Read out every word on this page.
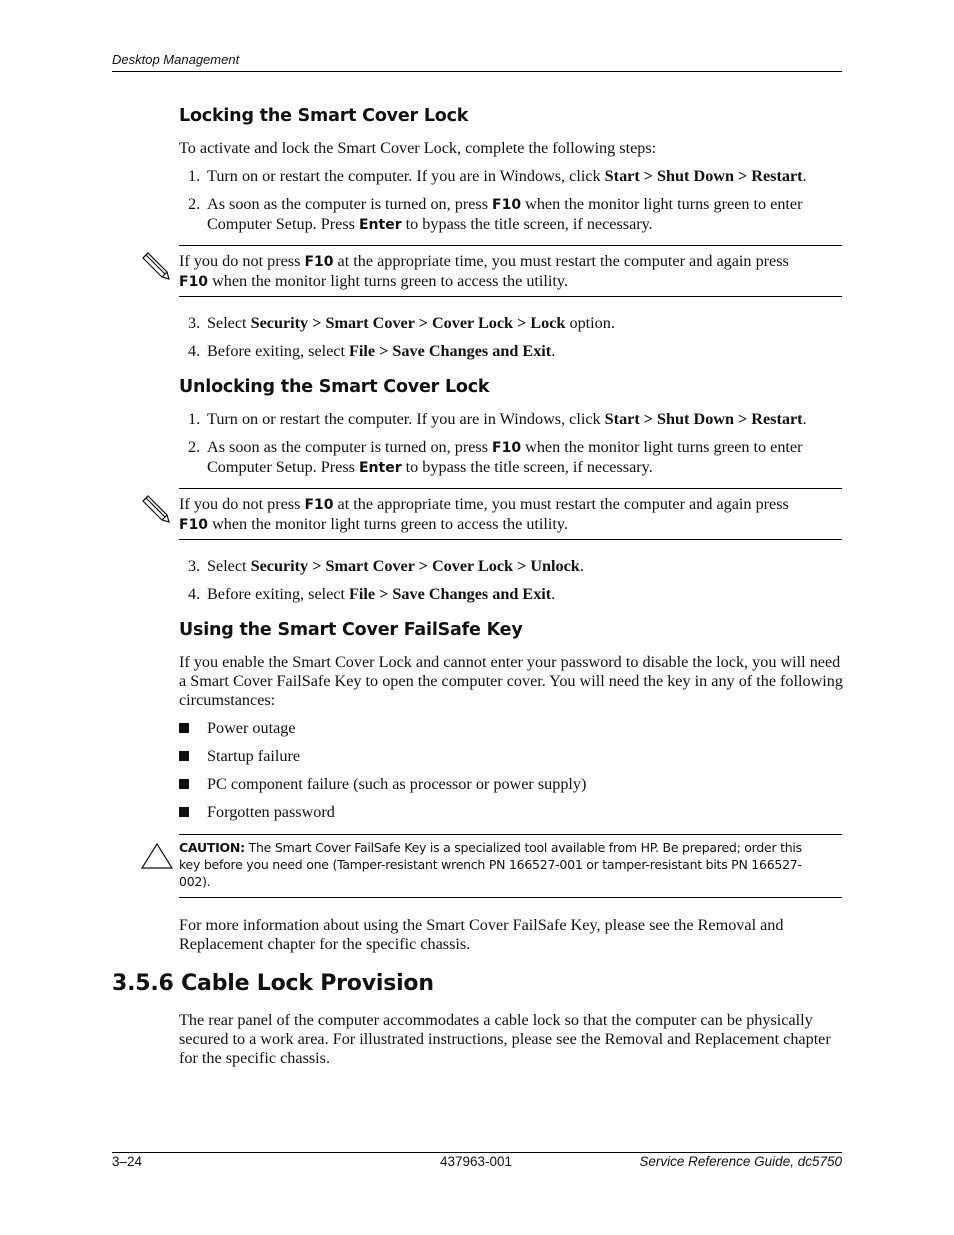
Desktop Management
Locking the Smart Cover Lock
To activate and lock the Smart Cover Lock, complete the following steps:
1. Turn on or restart the computer. If you are in Windows, click Start > Shut Down > Restart.
2. As soon as the computer is turned on, press F10 when the monitor light turns green to enter Computer Setup. Press Enter to bypass the title screen, if necessary.
If you do not press F10 at the appropriate time, you must restart the computer and again press
F10 when the monitor light turns green to access the utility.
3. Select Security > Smart Cover > Cover Lock > Lock option.
4. Before exiting, select File > Save Changes and Exit.
Unlocking the Smart Cover Lock
1. Turn on or restart the computer. If you are in Windows, click Start > Shut Down > Restart.
2. As soon as the computer is turned on, press F10 when the monitor light turns green to enter Computer Setup. Press Enter to bypass the title screen, if necessary.
If you do not press F10 at the appropriate time, you must restart the computer and again press
F10 when the monitor light turns green to access the utility.
3. Select Security > Smart Cover > Cover Lock > Unlock.
4. Before exiting, select File > Save Changes and Exit.
Using the Smart Cover FailSafe Key
If you enable the Smart Cover Lock and cannot enter your password to disable the lock, you will need a Smart Cover FailSafe Key to open the computer cover. You will need the key in any of the following circumstances:
Power outage
Startup failure
PC component failure (such as processor or power supply)
Forgotten password
CAUTION: The Smart Cover FailSafe Key is a specialized tool available from HP. Be prepared; order this key before you need one (Tamper-resistant wrench PN 166527-001 or tamper-resistant bits PN 166527-002).
For more information about using the Smart Cover FailSafe Key, please see the Removal and Replacement chapter for the specific chassis.
3.5.6 Cable Lock Provision
The rear panel of the computer accommodates a cable lock so that the computer can be physically secured to a work area. For illustrated instructions, please see the Removal and Replacement chapter for the specific chassis.
3–24	437963-001	Service Reference Guide, dc5750
